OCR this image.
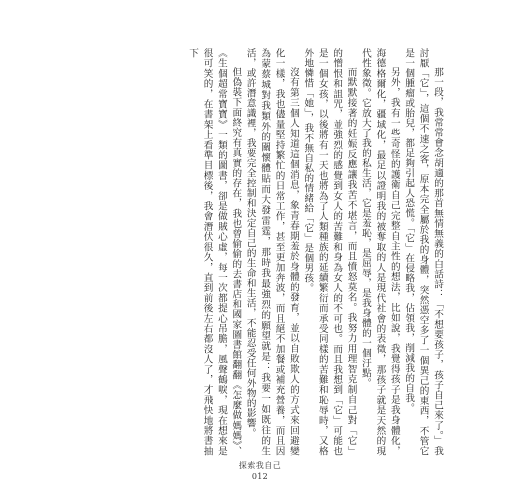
那一段，我常常會念胡適的那首無情無義的白話詩：「不想要孩子，孩子自己來了。」我討厭「它」，這個不速之客，原本完全屬於我的身體，突然憑空多了一個異己的東西，不管它是一個腫瘤或胎兒，都足夠引起人恐慌。「它」在侵略我，佔領我，削減我的自我。

另外，我有一些奇怪的護衛自己完整自主性的想法，比如說，我覺得孩子是我身體化，海德格爾化，疆域化，最足以證明我的被奪取的人是現代社會的表徵，那孩子就是天然的現代性象徵。它放大了我的私生活，它是羞恥，是屈辱，是我身體的一個汙點。

而默默接著的妊娠反應讓我苦不堪言，而且憤怒莫名。我努力用理智克制自己對「它」的憎恨和詛咒，並強烈的感覺到女人的苦難和身為女人的不可也。而且我想到「它」可能也是一個女孩，以後將有一天也將為了人類種族的延續繁衍而承受同樣的苦難和恥辱時，又格外地憐惜「她」，我不無自私的情緒給「它」是個男孩。

沒有第三個人知道這個消息，象青春期羞於身體的發育，並以自敗欺人的方式來回避變化一樣，我也儘量堅持繁忙的日常工作，甚至更加奔波，而且絕不加餐或補充營養，而且因為蒙蔡城對我類外的關懷體貼而大發雷霆，那時我最強烈的願望就是：我要一如既往的生活，或許潛意識裡，我要完全控制和決定自己的生命和生活，不能忍受任何外物的影響。

但偽裝下面終究有真實的存在，我也曾偷偷的去書店和國家圖書館翻翻《怎麼做媽媽》、《生個超常寶寶》一類的圖書，卻是做賊心虛，每一次都提心吊膽，風聲鶴唳，現在想來是很可笑的，在書架上看準目標後，我會潛伏很久，直到前後左右都沒人了，才飛快地將書抽下

探索我自己
012
